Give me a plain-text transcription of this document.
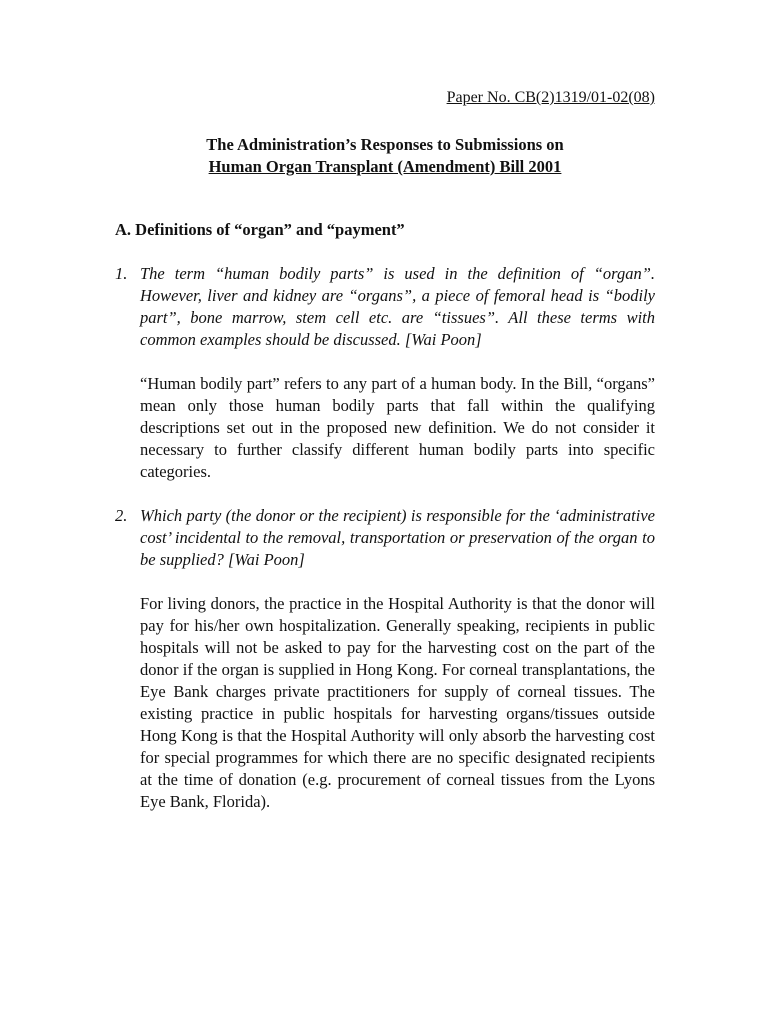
Paper No. CB(2)1319/01-02(08)
The Administration’s Responses to Submissions on
Human Organ Transplant (Amendment) Bill 2001
A. Definitions of “organ” and “payment”
1. The term “human bodily parts” is used in the definition of “organ”. However, liver and kidney are “organs”, a piece of femoral head is “bodily part”, bone marrow, stem cell etc. are “tissues”. All these terms with common examples should be discussed. [Wai Poon]
“Human bodily part” refers to any part of a human body. In the Bill, “organs” mean only those human bodily parts that fall within the qualifying descriptions set out in the proposed new definition. We do not consider it necessary to further classify different human bodily parts into specific categories.
2. Which party (the donor or the recipient) is responsible for the ‘administrative cost’ incidental to the removal, transportation or preservation of the organ to be supplied? [Wai Poon]
For living donors, the practice in the Hospital Authority is that the donor will pay for his/her own hospitalization. Generally speaking, recipients in public hospitals will not be asked to pay for the harvesting cost on the part of the donor if the organ is supplied in Hong Kong. For corneal transplantations, the Eye Bank charges private practitioners for supply of corneal tissues. The existing practice in public hospitals for harvesting organs/tissues outside Hong Kong is that the Hospital Authority will only absorb the harvesting cost for special programmes for which there are no specific designated recipients at the time of donation (e.g. procurement of corneal tissues from the Lyons Eye Bank, Florida).
